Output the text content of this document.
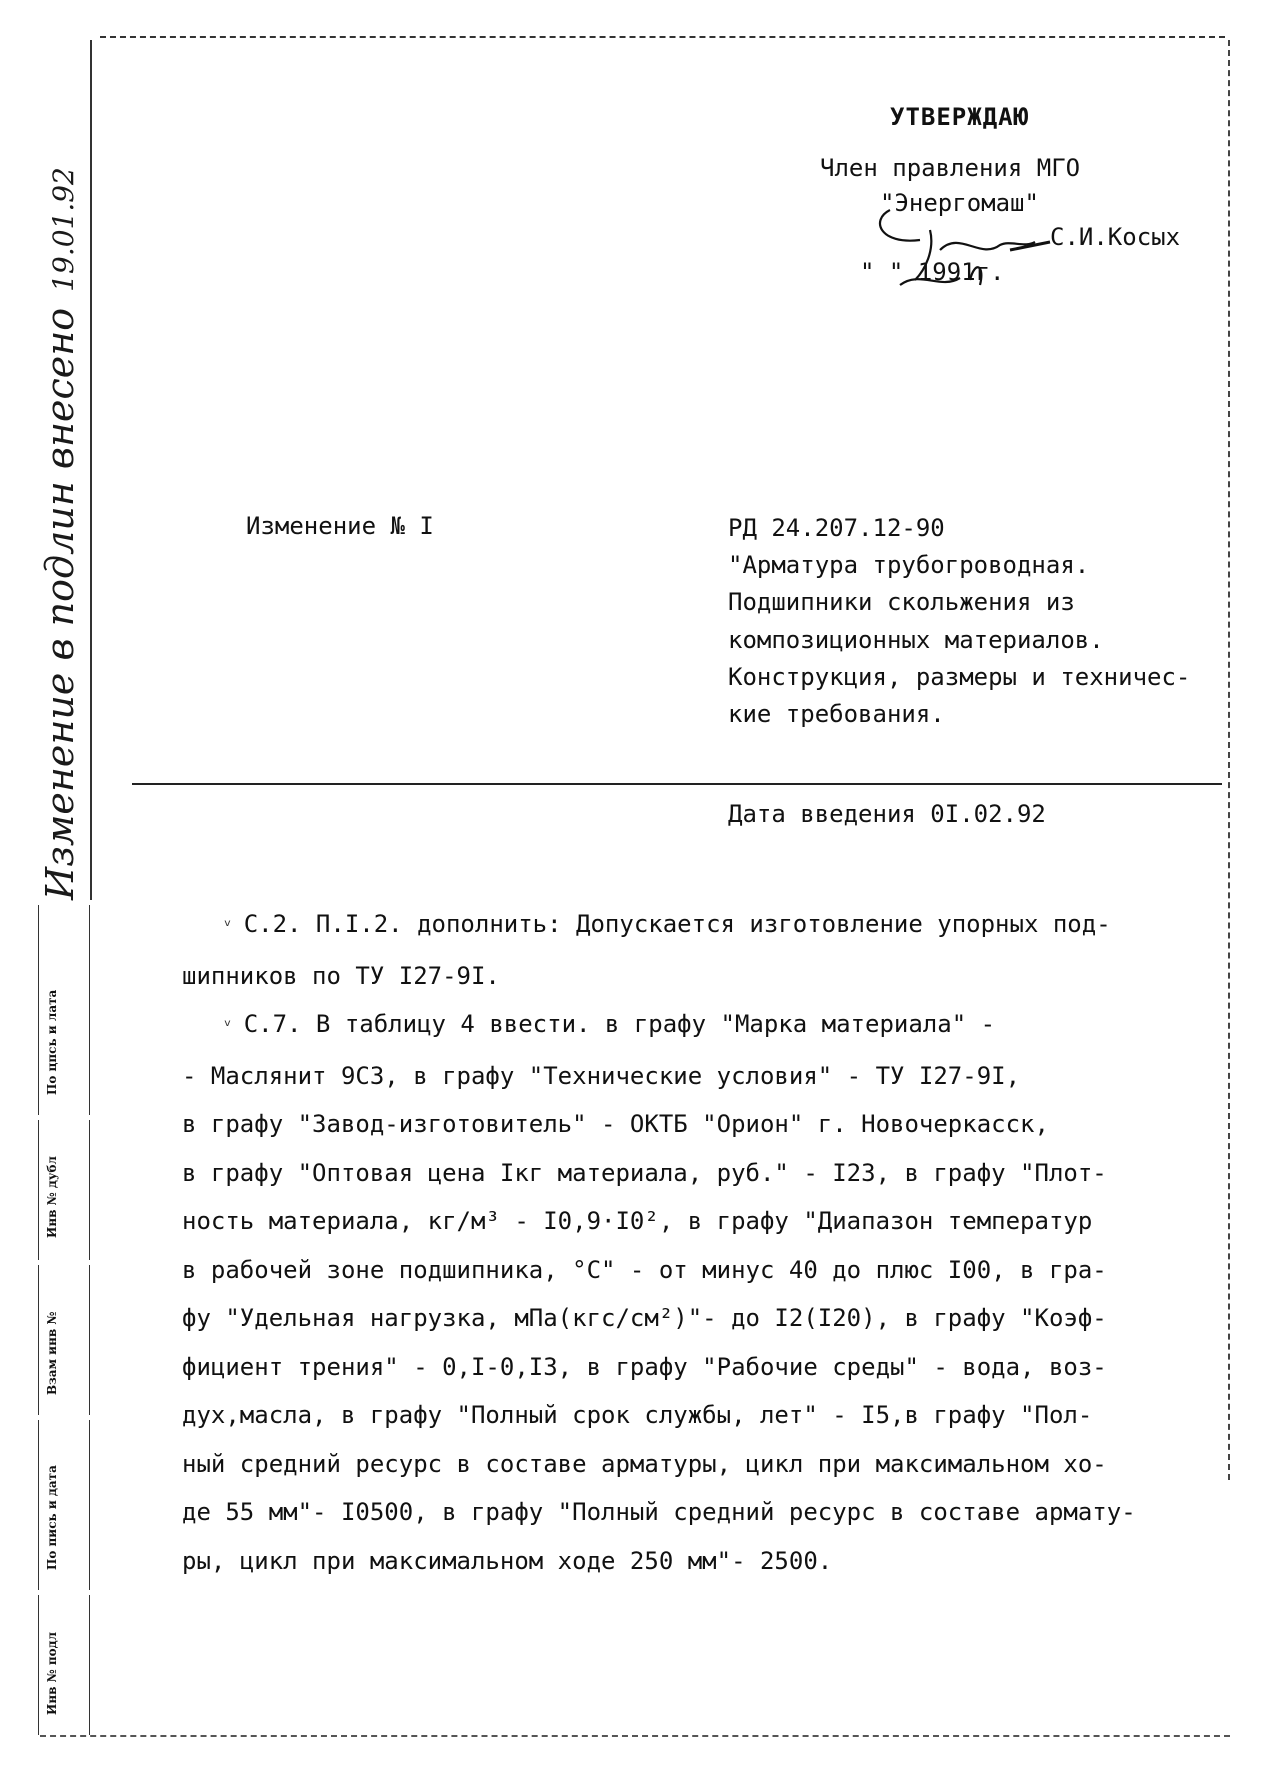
Изменение в подлин внесено19.01.92
По цпсь и лата
Инв № дубл
Взам инв №
По пись и дата
Инв № подл
УТВЕРЖДАЮ
Член правления МГО
"Энергомаш"
С.И.Косых
" " 1991г.
Изменение № I	РД 24.207.12-90
"Арматура трубогроводная.
Подшипники скольжения из
композиционных материалов.
Конструкция, размеры и техничес-
кие требования.
Дата введения 0I.02.92
ᵛ С.2. П.I.2. дополнить: Допускается изготовление упорных под-
шипников по ТУ I27-9I.
ᵛ С.7. В таблицу 4 ввести. в графу "Марка материала" -
- Маслянит 9С3, в графу "Технические условия" - ТУ I27-9I,
в графу "Завод-изготовитель" - ОКТБ "Орион" г. Новочеркасск,
в графу "Оптовая цена Iкг материала, руб." - I23, в графу "Плот-
ность материала, кг/м³ - I0,9·I0², в графу "Диапазон температур
в рабочей зоне подшипника, °С" - от минус 40 до плюс I00, в гра-
фу "Удельная нагрузка, мПа(кгс/см²)"- до I2(I20), в графу "Коэф-
фициент трения" - 0,I-0,I3, в графу "Рабочие среды" - вода, воз-
дух,масла, в графу "Полный срок службы, лет" - I5,в графу "Пол-
ный средний ресурс в составе арматуры, цикл при максимальном хо-
де 55 мм"- I0500, в графу "Полный средний ресурс в составе армату-
ры, цикл при максимальном ходе 250 мм"- 2500.
